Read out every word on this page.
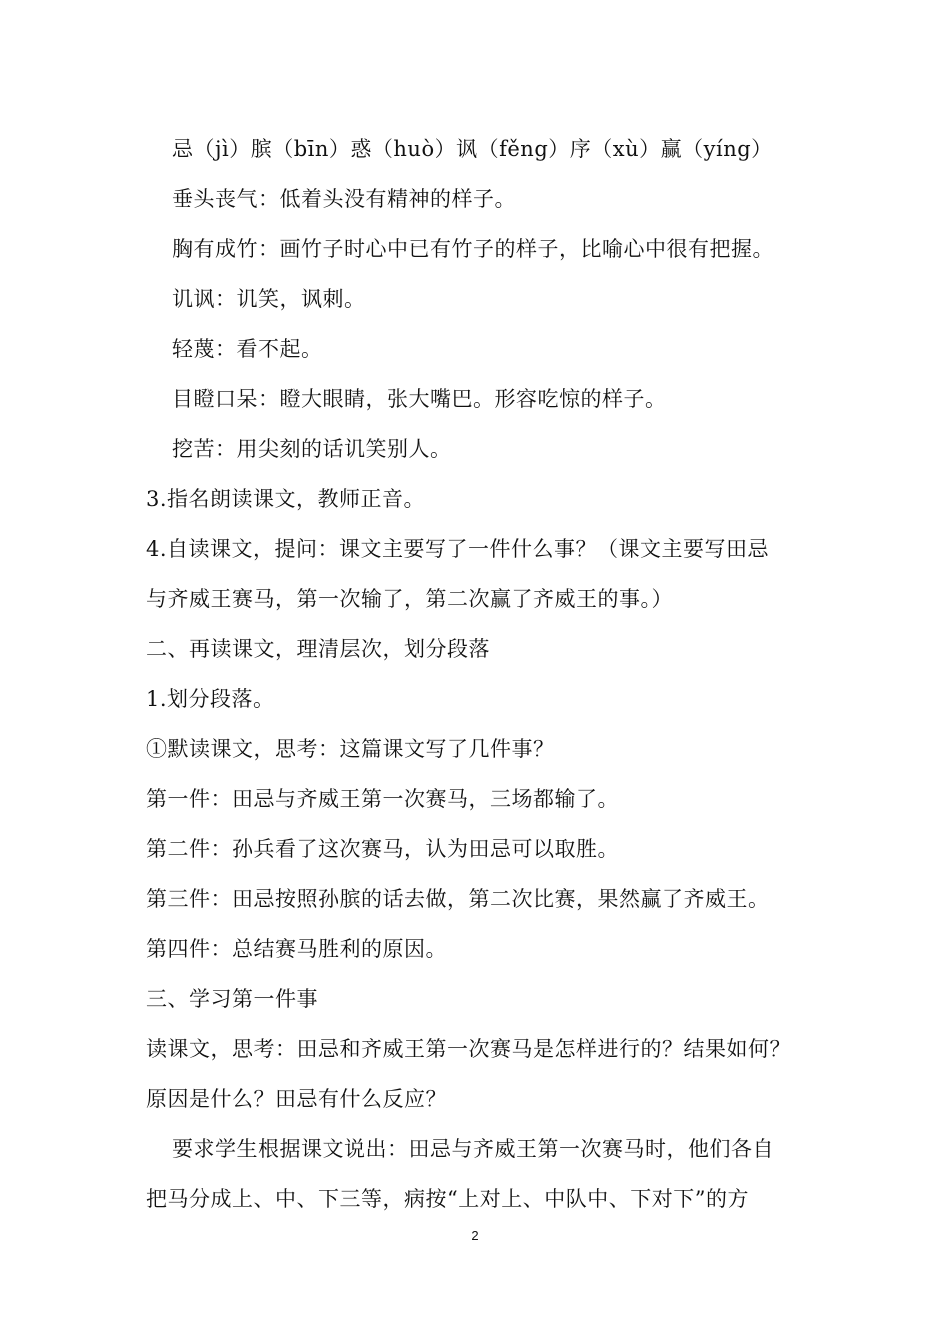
忌（jì）膑（bīn）惑（huò）讽（fěng）序（xù）赢（yíng）
垂头丧气：低着头没有精神的样子。
胸有成竹：画竹子时心中已有竹子的样子，比喻心中很有把握。
讥讽：讥笑，讽刺。
轻蔑：看不起。
目瞪口呆：瞪大眼睛，张大嘴巴。形容吃惊的样子。
挖苦：用尖刻的话讥笑别人。
3.指名朗读课文，教师正音。
4.自读课文，提问：课文主要写了一件什么事？（课文主要写田忌
与齐威王赛马，第一次输了，第二次赢了齐威王的事。）
二、再读课文，理清层次，划分段落
1.划分段落。
①默读课文，思考：这篇课文写了几件事？
第一件：田忌与齐威王第一次赛马，三场都输了。
第二件：孙兵看了这次赛马，认为田忌可以取胜。
第三件：田忌按照孙膑的话去做，第二次比赛，果然赢了齐威王。
第四件：总结赛马胜利的原因。
三、学习第一件事
读课文，思考：田忌和齐威王第一次赛马是怎样进行的？结果如何？
原因是什么？田忌有什么反应？
要求学生根据课文说出：田忌与齐威王第一次赛马时，他们各自
把马分成上、中、下三等，病按“上对上、中队中、下对下”的方
2
